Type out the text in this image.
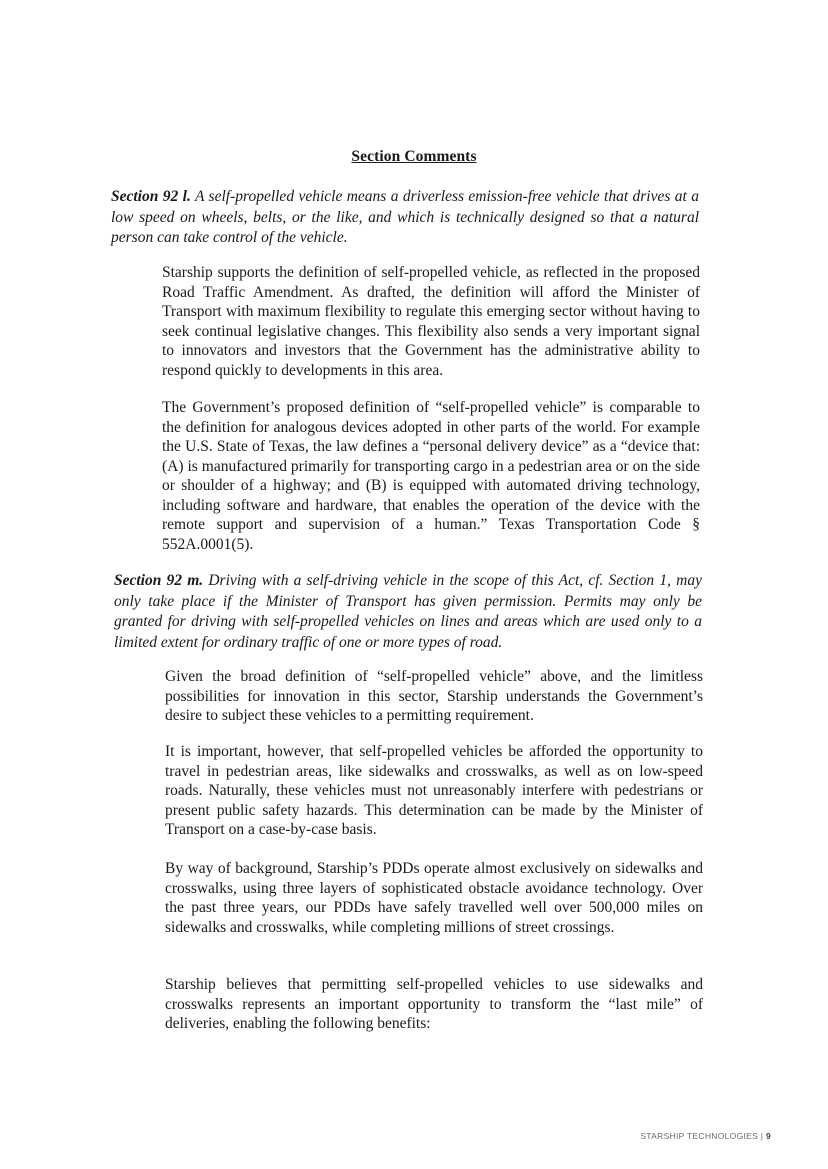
Section Comments
Section 92 l. A self-propelled vehicle means a driverless emission-free vehicle that drives at a low speed on wheels, belts, or the like, and which is technically designed so that a natural person can take control of the vehicle.
Starship supports the definition of self-propelled vehicle, as reflected in the proposed Road Traffic Amendment. As drafted, the definition will afford the Minister of Transport with maximum flexibility to regulate this emerging sector without having to seek continual legislative changes. This flexibility also sends a very important signal to innovators and investors that the Government has the administrative ability to respond quickly to developments in this area.
The Government’s proposed definition of “self-propelled vehicle” is comparable to the definition for analogous devices adopted in other parts of the world. For example the U.S. State of Texas, the law defines a “personal delivery device” as a “device that: (A) is manufactured primarily for transporting cargo in a pedestrian area or on the side or shoulder of a highway; and (B) is equipped with automated driving technology, including software and hardware, that enables the operation of the device with the remote support and supervision of a human.” Texas Transportation Code § 552A.0001(5).
Section 92 m. Driving with a self-driving vehicle in the scope of this Act, cf. Section 1, may only take place if the Minister of Transport has given permission. Permits may only be granted for driving with self-propelled vehicles on lines and areas which are used only to a limited extent for ordinary traffic of one or more types of road.
Given the broad definition of “self-propelled vehicle” above, and the limitless possibilities for innovation in this sector, Starship understands the Government’s desire to subject these vehicles to a permitting requirement.
It is important, however, that self-propelled vehicles be afforded the opportunity to travel in pedestrian areas, like sidewalks and crosswalks, as well as on low-speed roads. Naturally, these vehicles must not unreasonably interfere with pedestrians or present public safety hazards. This determination can be made by the Minister of Transport on a case-by-case basis.
By way of background, Starship’s PDDs operate almost exclusively on sidewalks and crosswalks, using three layers of sophisticated obstacle avoidance technology. Over the past three years, our PDDs have safely travelled well over 500,000 miles on sidewalks and crosswalks, while completing millions of street crossings.
Starship believes that permitting self-propelled vehicles to use sidewalks and crosswalks represents an important opportunity to transform the “last mile” of deliveries, enabling the following benefits:
STARSHIP TECHNOLOGIES | 9
